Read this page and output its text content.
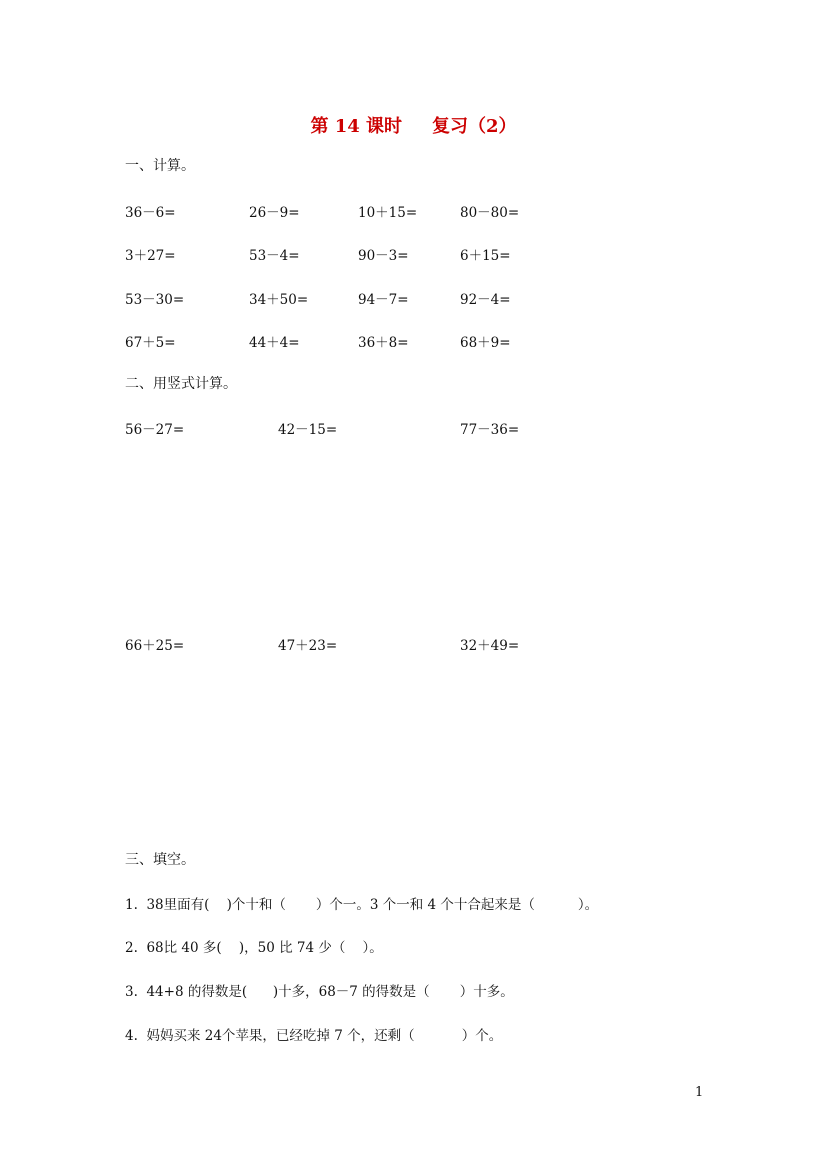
第 14 课时 复习（2）
一、计算。
36－6=	26－9=	10＋15=	80－80=
3＋27=	53－4=	90－3=	6＋15=
53－30=	34＋50=	94－7=	92－4=
67＋5=	44＋4=	36＋8=	68＋9=
二、用竖式计算。
56－27=	42－15=	77－36=
66＋25=	47＋23=	32＋49=
三、填空。
1.  38里面有(    )个十和（       ）个一。3 个一和 4 个十合起来是（          ）。
2.  68比 40 多(    )，50 比 74 少（    ）。
3.  44+8 的得数是(      )十多，68－7 的得数是（       ）十多。
4.  妈妈买来 24个苹果，已经吃掉 7 个，还剩（           ）个。
1
